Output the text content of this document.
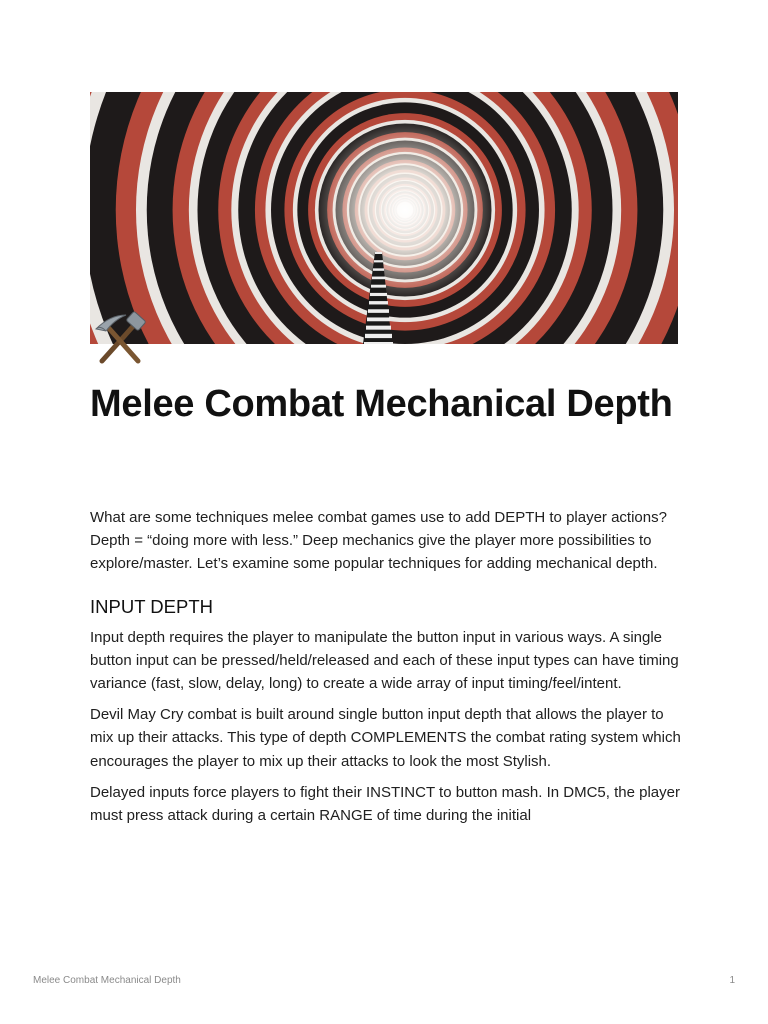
Melee Combat Mechanical Depth

What are some techniques melee combat games use to add DEPTH to player actions? Depth = “doing more with less.” Deep mechanics give the player more possibilities to explore/master. Let’s examine some popular techniques for adding mechanical depth.

INPUT DEPTH

Input depth requires the player to manipulate the button input in various ways. A single button input can be pressed/held/released and each of these input types can have timing variance (fast, slow, delay, long) to create a wide array of input timing/feel/intent.

Devil May Cry combat is built around single button input depth that allows the player to mix up their attacks. This type of depth COMPLEMENTS the combat rating system which encourages the player to mix up their attacks to look the most Stylish.

Delayed inputs force players to fight their INSTINCT to button mash. In DMC5, the player must press attack during a certain RANGE of time during the initial

Melee Combat Mechanical Depth	1
